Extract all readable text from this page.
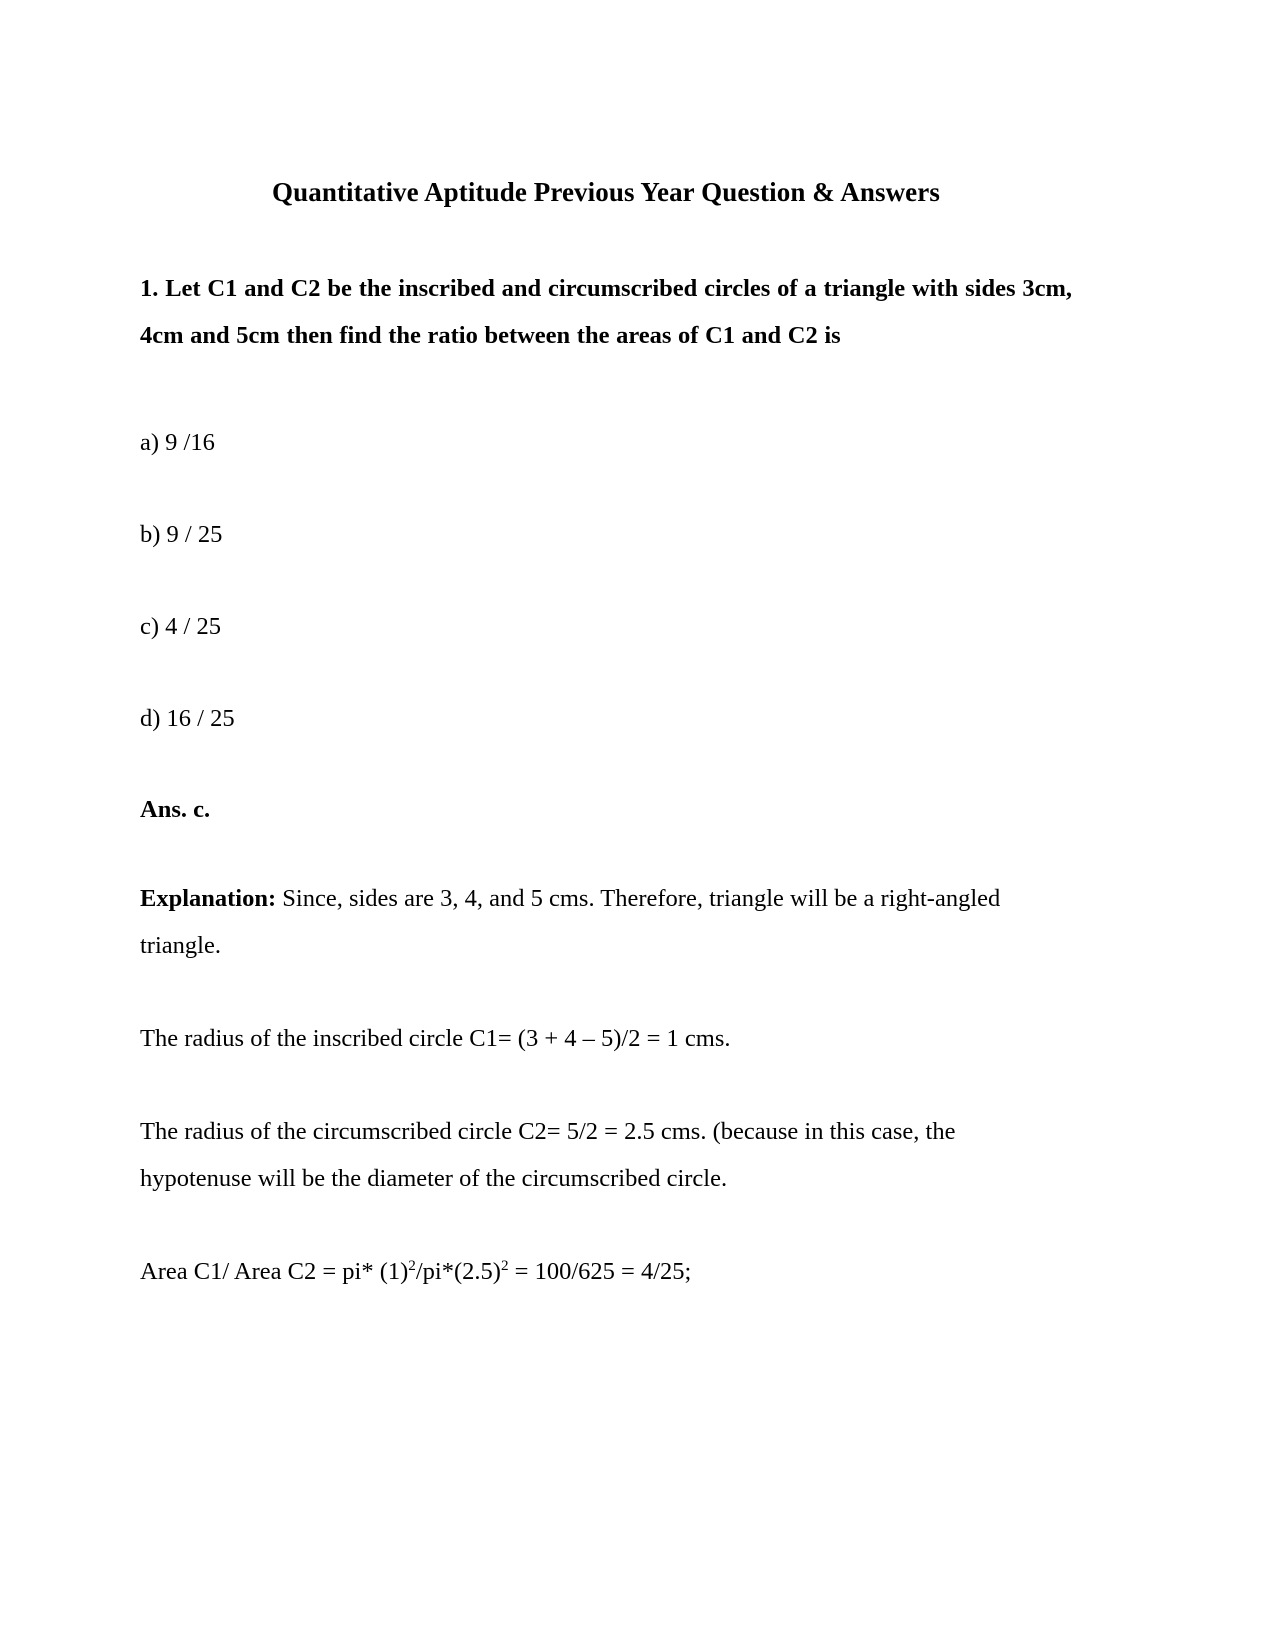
Quantitative Aptitude Previous Year Question & Answers

1. Let C1 and C2 be the inscribed and circumscribed circles of a triangle with sides 3cm, 4cm and 5cm then find the ratio between the areas of C1 and C2 is

a) 9 /16

b) 9 / 25

c) 4 / 25

d) 16 / 25

Ans. c.

Explanation: Since, sides are 3, 4, and 5 cms. Therefore, triangle will be a right-angled triangle.

The radius of the inscribed circle C1= (3 + 4 – 5)/2 = 1 cms.

The radius of the circumscribed circle C2= 5/2 = 2.5 cms. (because in this case, the hypotenuse will be the diameter of the circumscribed circle.

Area C1/ Area C2 = pi* $(1)^2/pi*(2.5)^2 = 100/625 = 4/25$;
